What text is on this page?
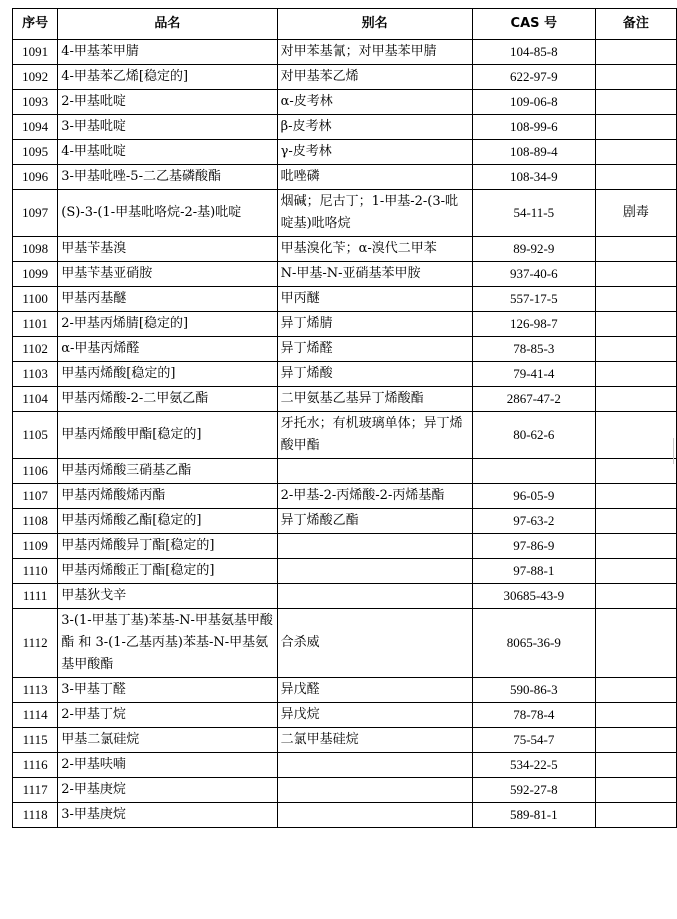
序号	品名	别名	CAS 号	备注
1091	4-甲基苯甲腈	对甲苯基氰；对甲基苯甲腈	104-85-8	
1092	4-甲基苯乙烯[稳定的]	对甲基苯乙烯	622-97-9	
1093	2-甲基吡啶	α-皮考林	109-06-8	
1094	3-甲基吡啶	β-皮考林	108-99-6	
1095	4-甲基吡啶	γ-皮考林	108-89-4	
1096	3-甲基吡唑-5-二乙基磷酸酯	吡唑磷	108-34-9	
1097	(S)-3-(1-甲基吡咯烷-2-基)吡啶	烟碱；尼古丁；1-甲基-2-(3-吡啶基)吡咯烷	54-11-5	剧毒
1098	甲基苄基溴	甲基溴化苄；α-溴代二甲苯	89-92-9	
1099	甲基苄基亚硝胺	N-甲基-N-亚硝基苯甲胺	937-40-6	
1100	甲基丙基醚	甲丙醚	557-17-5	
1101	2-甲基丙烯腈[稳定的]	异丁烯腈	126-98-7	
1102	α-甲基丙烯醛	异丁烯醛	78-85-3	
1103	甲基丙烯酸[稳定的]	异丁烯酸	79-41-4	
1104	甲基丙烯酸-2-二甲氨乙酯	二甲氨基乙基异丁烯酸酯	2867-47-2	
1105	甲基丙烯酸甲酯[稳定的]	牙托水；有机玻璃单体；异丁烯酸甲酯	80-62-6	
1106	甲基丙烯酸三硝基乙酯			
1107	甲基丙烯酸烯丙酯	2-甲基-2-丙烯酸-2-丙烯基酯	96-05-9	
1108	甲基丙烯酸乙酯[稳定的]	异丁烯酸乙酯	97-63-2	
1109	甲基丙烯酸异丁酯[稳定的]		97-86-9	
1110	甲基丙烯酸正丁酯[稳定的]		97-88-1	
1111	甲基狄戈辛		30685-43-9	
1112	3-(1-甲基丁基)苯基-N-甲基氨基甲酸酯 和 3-(1-乙基丙基)苯基-N-甲基氨基甲酸酯	合杀威	8065-36-9	
1113	3-甲基丁醛	异戊醛	590-86-3	
1114	2-甲基丁烷	异戊烷	78-78-4	
1115	甲基二氯硅烷	二氯甲基硅烷	75-54-7	
1116	2-甲基呋喃		534-22-5	
1117	2-甲基庚烷		592-27-8	
1118	3-甲基庚烷		589-81-1	
